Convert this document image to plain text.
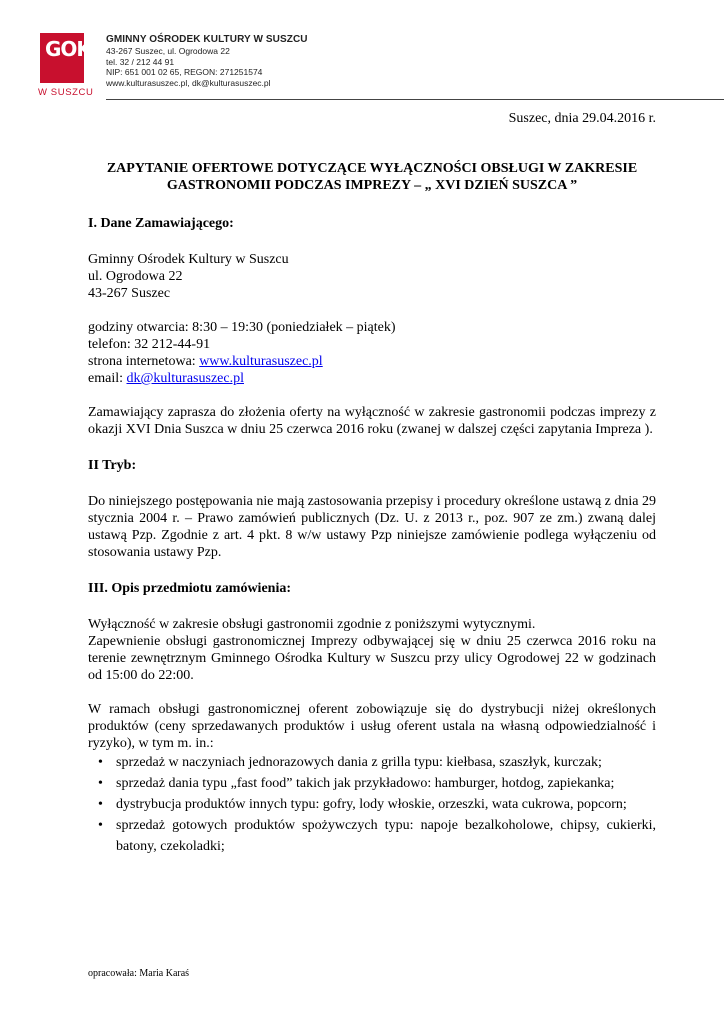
GOK
W SUSZCU
GMINNY OŚRODEK KULTURY W SUSZCU
43-267 Suszec, ul. Ogrodowa 22
tel. 32 / 212 44 91
NIP: 651 001 02 65, REGON: 271251574
www.kulturasuszec.pl, dk@kulturasuszec.pl
Suszec, dnia 29.04.2016 r.
ZAPYTANIE OFERTOWE DOTYCZĄCE WYŁĄCZNOŚCI OBSŁUGI W ZAKRESIE
GASTRONOMII PODCZAS IMPREZY – „ XVI DZIEŃ SUSZCA ”
I. Dane Zamawiającego:
Gminny Ośrodek Kultury w Suszcu
ul. Ogrodowa 22
43-267 Suszec
godziny otwarcia: 8:30 – 19:30 (poniedziałek – piątek)
telefon: 32 212-44-91
strona internetowa: www.kulturasuszec.pl
email: dk@kulturasuszec.pl

Zamawiający zaprasza do złożenia oferty na wyłączność w zakresie gastronomii podczas imprezy z okazji XVI Dnia Suszca w dniu 25 czerwca 2016 roku (zwanej w dalszej części zapytania Impreza ).

II Tryb:

Do niniejszego postępowania nie mają zastosowania przepisy i procedury określone ustawą z dnia 29 stycznia 2004 r. – Prawo zamówień publicznych (Dz. U. z 2013 r., poz. 907 ze zm.) zwaną dalej ustawą Pzp. Zgodnie z art. 4 pkt. 8 w/w ustawy Pzp niniejsze zamówienie podlega wyłączeniu od stosowania ustawy Pzp.

III. Opis przedmiotu zamówienia:

Wyłączność w zakresie obsługi gastronomii zgodnie z poniższymi wytycznymi.

Zapewnienie obsługi gastronomicznej Imprezy odbywającej się w dniu 25 czerwca 2016 roku na terenie zewnętrznym Gminnego Ośrodka Kultury w Suszcu przy ulicy Ogrodowej 22 w godzinach od 15:00 do 22:00.

W ramach obsługi gastronomicznej oferent zobowiązuje się do dystrybucji niżej określonych produktów (ceny sprzedawanych produktów i usług oferent ustala na własną odpowiedzialność i ryzyko), w tym m. in.:

• sprzedaż w naczyniach jednorazowych dania z grilla typu: kiełbasa, szaszłyk, kurczak;
• sprzedaż dania typu „fast food” takich jak przykładowo: hamburger, hotdog, zapiekanka;
• dystrybucja produktów innych typu: gofry, lody włoskie, orzeszki, wata cukrowa, popcorn;
• sprzedaż gotowych produktów spożywczych typu: napoje bezalkoholowe, chipsy, cukierki, batony, czekoladki;
opracowała: Maria Karaś
